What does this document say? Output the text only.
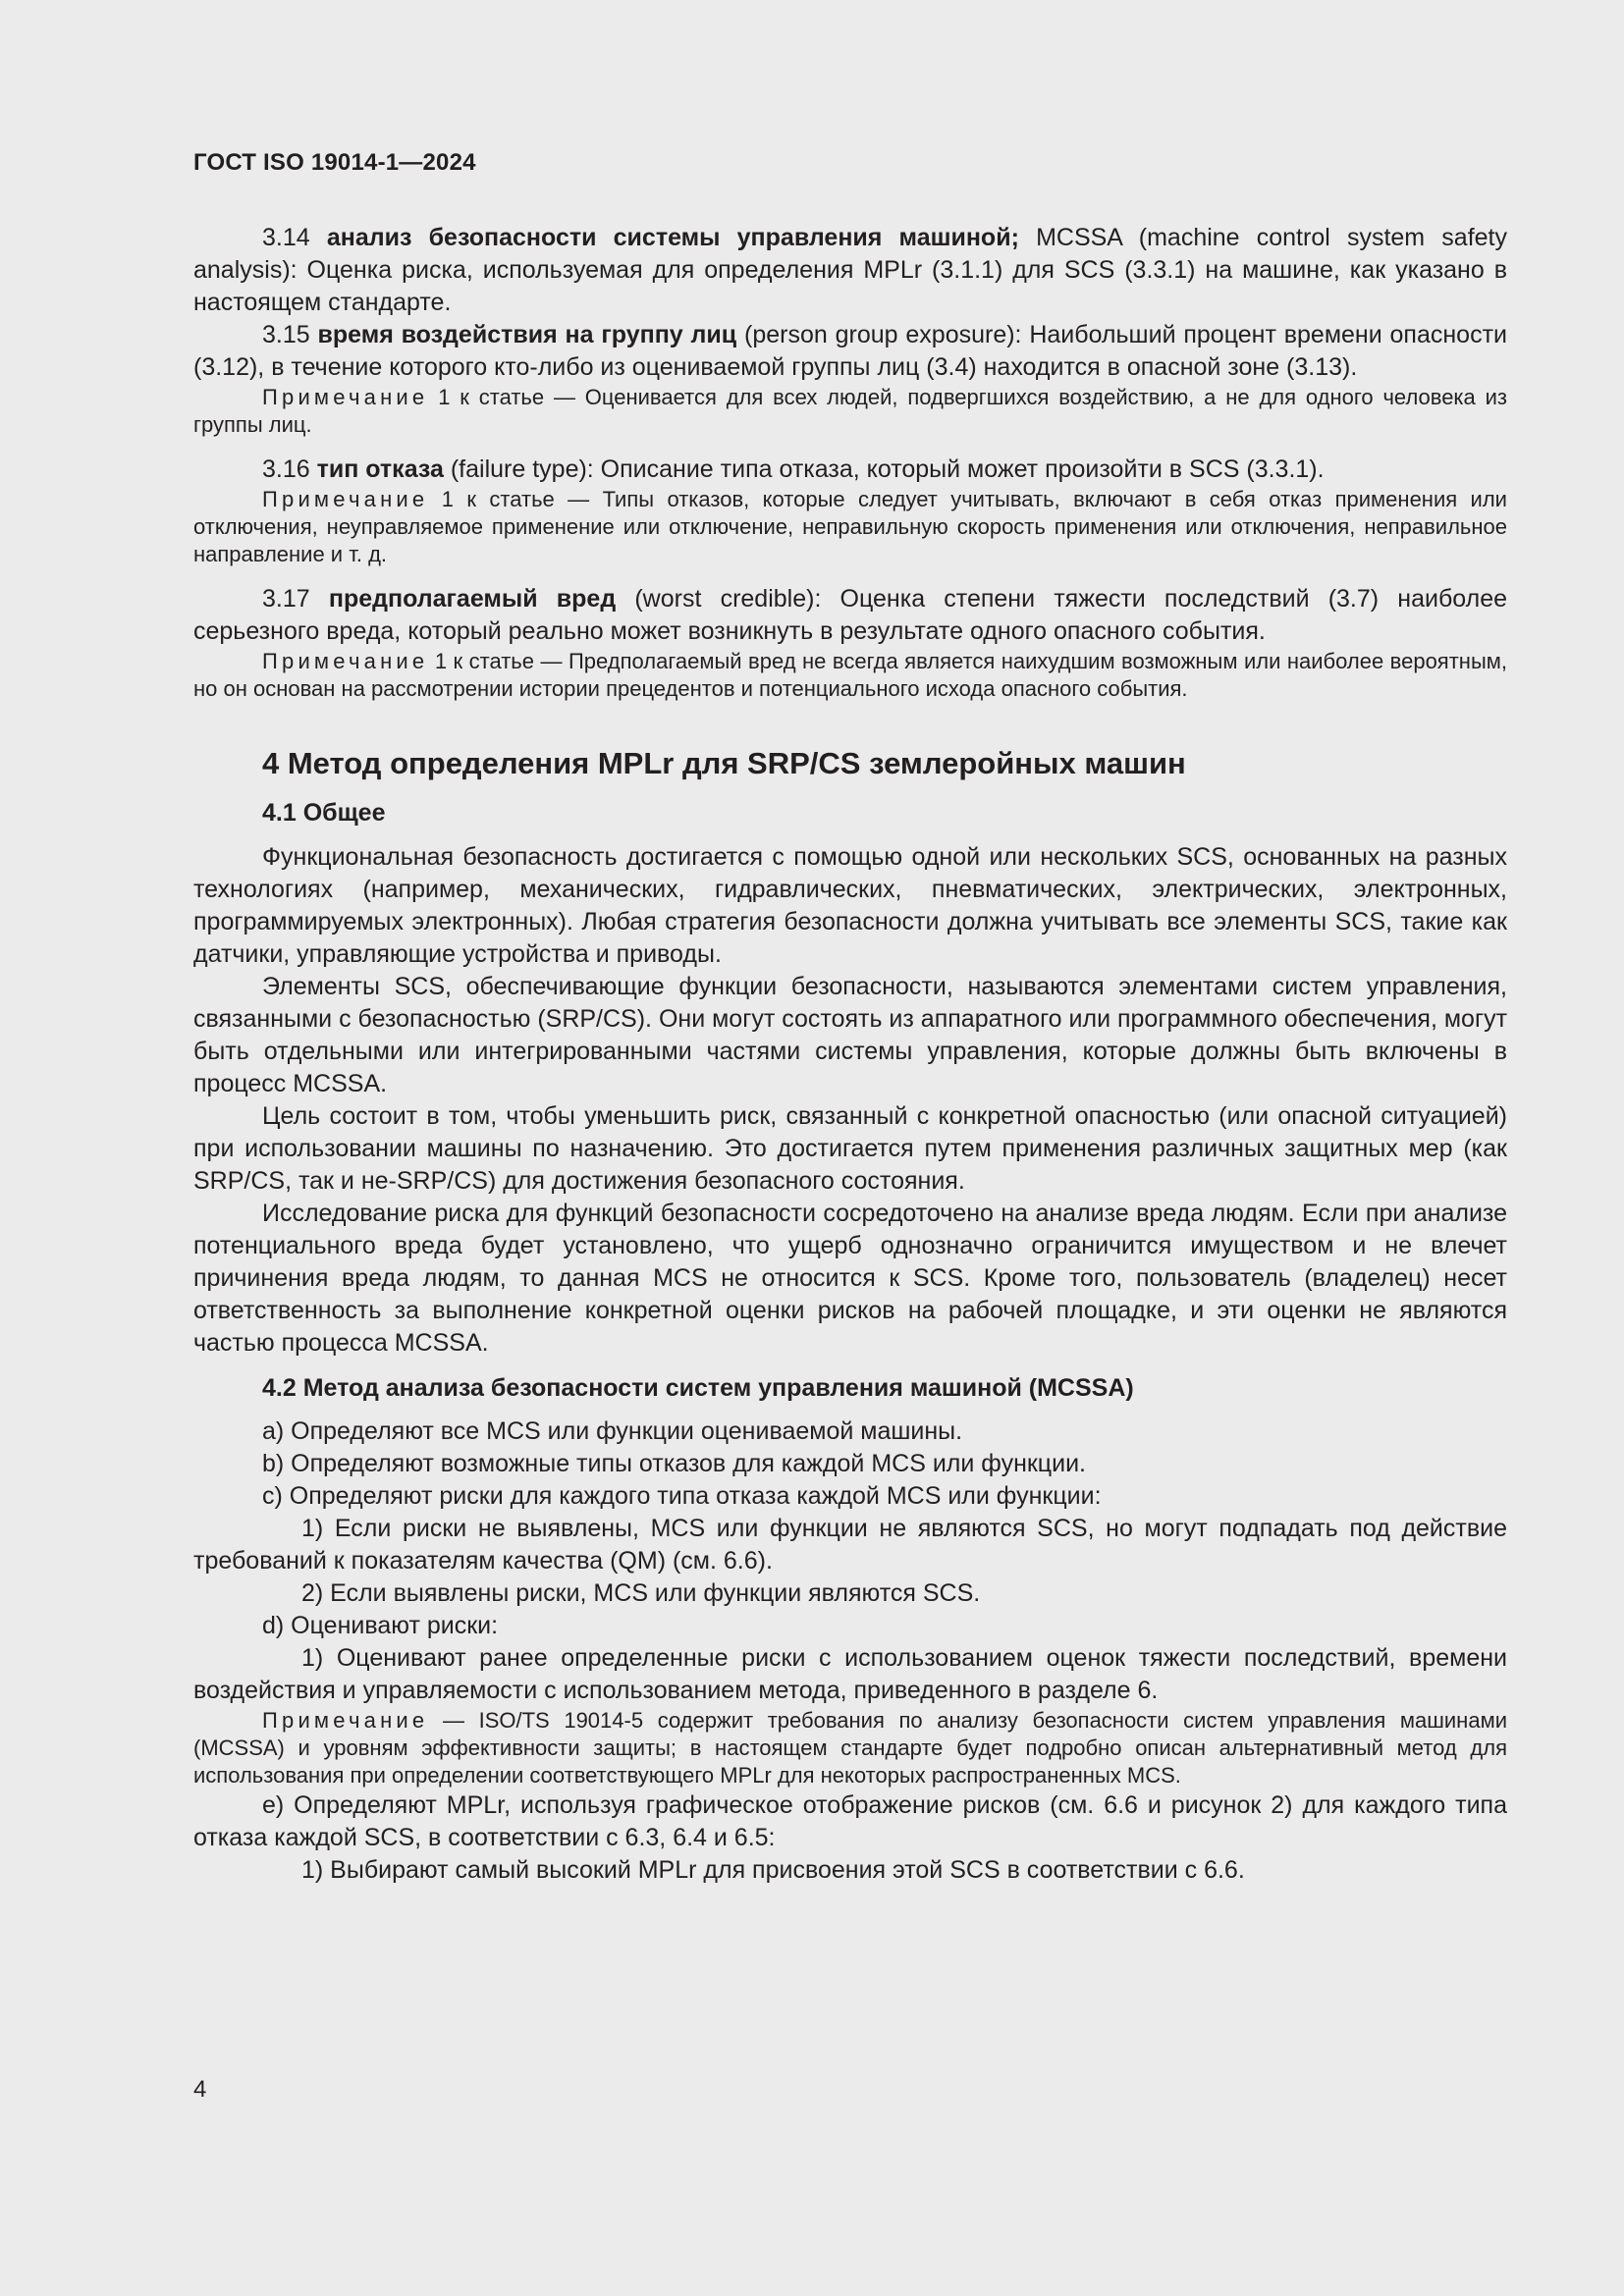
ГОСТ ISO 19014-1—2024

3.14 анализ безопасности системы управления машиной; MCSSA (machine control system safety analysis): Оценка риска, используемая для определения MPLr (3.1.1) для SCS (3.3.1) на машине, как указано в настоящем стандарте.

3.15 время воздействия на группу лиц (person group exposure): Наибольший процент времени опасности (3.12), в течение которого кто-либо из оцениваемой группы лиц (3.4) находится в опасной зоне (3.13).

Примечание 1 к статье — Оценивается для всех людей, подвергшихся воздействию, а не для одного человека из группы лиц.

3.16 тип отказа (failure type): Описание типа отказа, который может произойти в SCS (3.3.1).

Примечание 1 к статье — Типы отказов, которые следует учитывать, включают в себя отказ применения или отключения, неуправляемое применение или отключение, неправильную скорость применения или отключения, неправильное направление и т. д.

3.17 предполагаемый вред (worst credible): Оценка степени тяжести последствий (3.7) наиболее серьезного вреда, который реально может возникнуть в результате одного опасного события.

Примечание 1 к статье — Предполагаемый вред не всегда является наихудшим возможным или наиболее вероятным, но он основан на рассмотрении истории прецедентов и потенциального исхода опасного события.

4 Метод определения MPLr для SRP/CS землеройных машин
4.1 Общее

Функциональная безопасность достигается с помощью одной или нескольких SCS, основанных на разных технологиях (например, механических, гидравлических, пневматических, электрических, электронных, программируемых электронных). Любая стратегия безопасности должна учитывать все элементы SCS, такие как датчики, управляющие устройства и приводы.

Элементы SCS, обеспечивающие функции безопасности, называются элементами систем управления, связанными с безопасностью (SRP/CS). Они могут состоять из аппаратного или программного обеспечения, могут быть отдельными или интегрированными частями системы управления, которые должны быть включены в процесс MCSSA.

Цель состоит в том, чтобы уменьшить риск, связанный с конкретной опасностью (или опасной ситуацией) при использовании машины по назначению. Это достигается путем применения различных защитных мер (как SRP/CS, так и не-SRP/CS) для достижения безопасного состояния.

Исследование риска для функций безопасности сосредоточено на анализе вреда людям. Если при анализе потенциального вреда будет установлено, что ущерб однозначно ограничится имуществом и не влечет причинения вреда людям, то данная MCS не относится к SCS. Кроме того, пользователь (владелец) несет ответственность за выполнение конкретной оценки рисков на рабочей площадке, и эти оценки не являются частью процесса MCSSA.

4.2 Метод анализа безопасности систем управления машиной (MCSSA)

a) Определяют все MCS или функции оцениваемой машины.

b) Определяют возможные типы отказов для каждой MCS или функции.

c) Определяют риски для каждого типа отказа каждой MCS или функции:

1) Если риски не выявлены, MCS или функции не являются SCS, но могут подпадать под действие требований к показателям качества (QM) (см. 6.6).

2) Если выявлены риски, MCS или функции являются SCS.

d) Оценивают риски:

1) Оценивают ранее определенные риски с использованием оценок тяжести последствий, времени воздействия и управляемости с использованием метода, приведенного в разделе 6.

Примечание — ISO/TS 19014-5 содержит требования по анализу безопасности систем управления машинами (MCSSA) и уровням эффективности защиты; в настоящем стандарте будет подробно описан альтернативный метод для использования при определении соответствующего MPLr для некоторых распространенных MCS.

e) Определяют MPLr, используя графическое отображение рисков (см. 6.6 и рисунок 2) для каждого типа отказа каждой SCS, в соответствии с 6.3, 6.4 и 6.5:

1) Выбирают самый высокий MPLr для присвоения этой SCS в соответствии с 6.6.

4
